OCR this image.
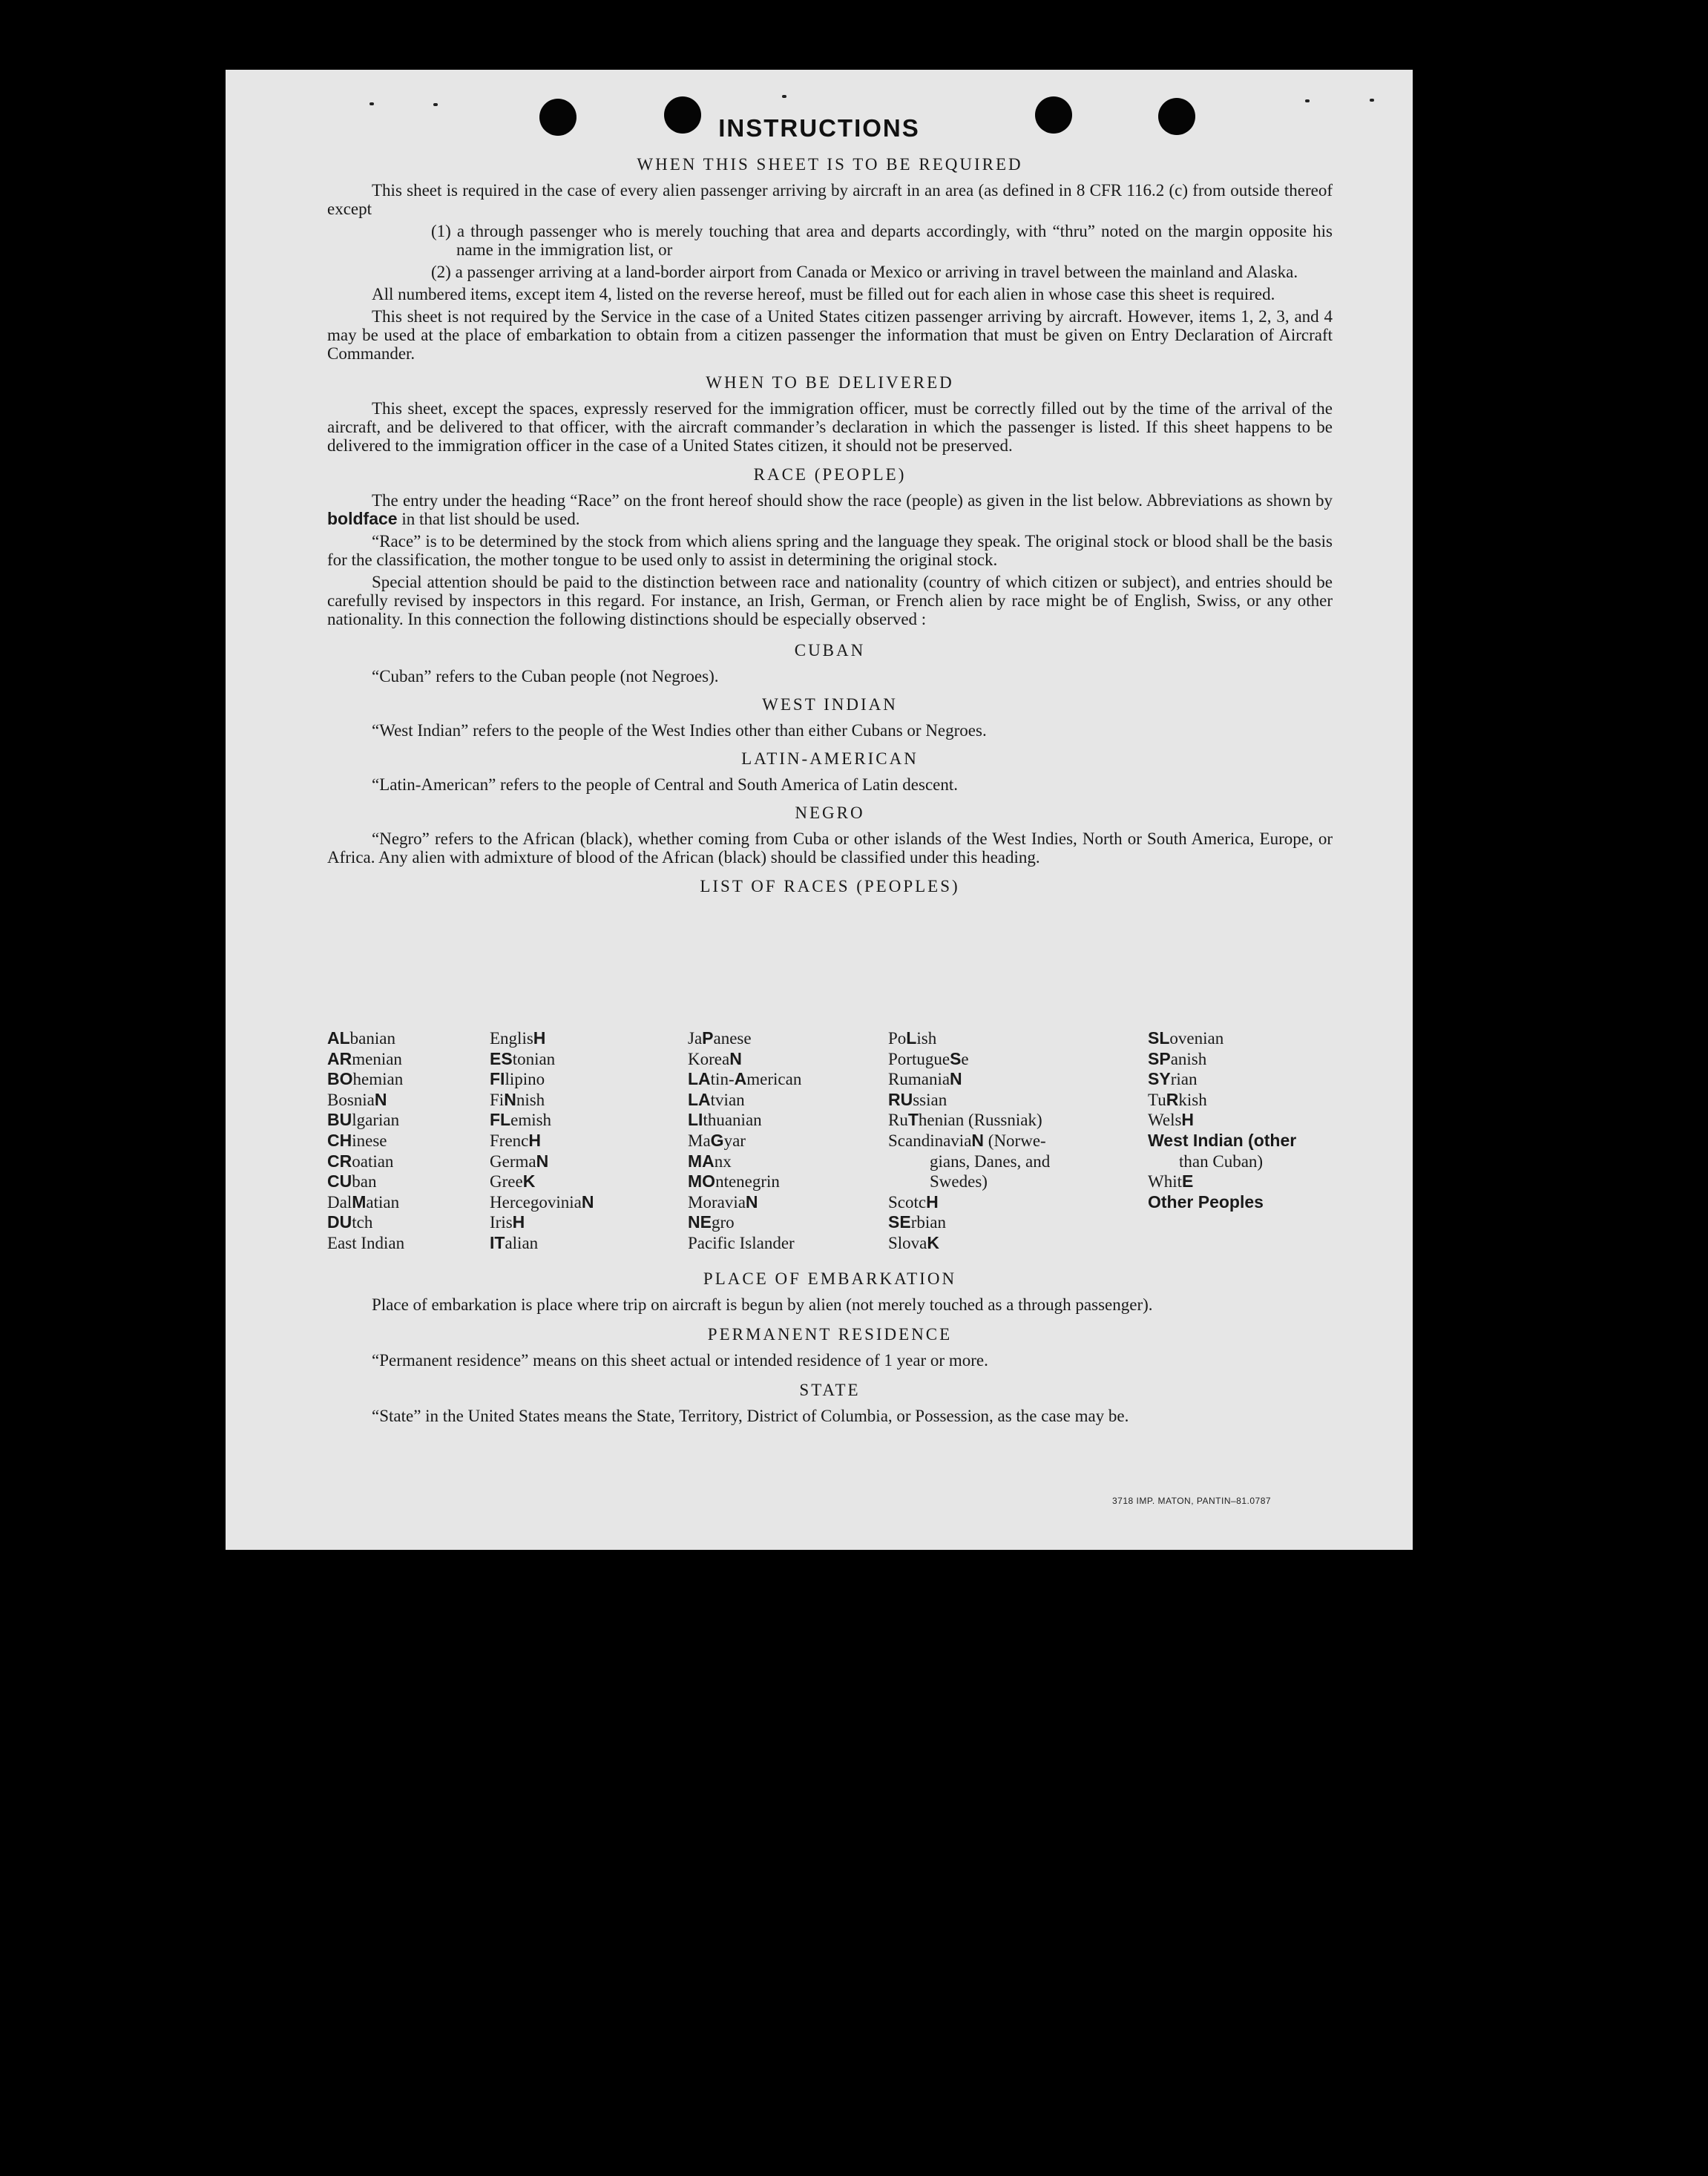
INSTRUCTIONS

WHEN THIS SHEET IS TO BE REQUIRED

This sheet is required in the case of every alien passenger arriving by aircraft in an area (as defined in 8 CFR 116.2 (c) from outside thereof except

(1) a through passenger who is merely touching that area and departs accordingly, with “thru” noted on the margin opposite his name in the immigration list, or

(2) a passenger arriving at a land-border airport from Canada or Mexico or arriving in travel between the mainland and Alaska.

All numbered items, except item 4, listed on the reverse hereof, must be filled out for each alien in whose case this sheet is required.

This sheet is not required by the Service in the case of a United States citizen passenger arriving by aircraft. However, items 1, 2, 3, and 4 may be used at the place of embarkation to obtain from a citizen passenger the information that must be given on Entry Declaration of Aircraft Commander.

WHEN TO BE DELIVERED

This sheet, except the spaces, expressly reserved for the immigration officer, must be correctly filled out by the time of the arrival of the aircraft, and be delivered to that officer, with the aircraft commander’s declaration in which the passenger is listed. If this sheet happens to be delivered to the immigration officer in the case of a United States citizen, it should not be preserved.

RACE (PEOPLE)

The entry under the heading “Race” on the front hereof should show the race (people) as given in the list below. Abbreviations as shown by boldface in that list should be used.

“Race” is to be determined by the stock from which aliens spring and the language they speak. The original stock or blood shall be the basis for the classification, the mother tongue to be used only to assist in determining the original stock.

Special attention should be paid to the distinction between race and nationality (country of which citizen or subject), and entries should be carefully revised by inspectors in this regard. For instance, an Irish, German, or French alien by race might be of English, Swiss, or any other nationality. In this connection the following distinctions should be especially observed :

CUBAN

“Cuban” refers to the Cuban people (not Negroes).

WEST INDIAN

“West Indian” refers to the people of the West Indies other than either Cubans or Negroes.

LATIN-AMERICAN

“Latin-American” refers to the people of Central and South America of Latin descent.

NEGRO

“Negro” refers to the African (black), whether coming from Cuba or other islands of the West Indies, North or South America, Europe, or Africa. Any alien with admixture of blood of the African (black) should be classified under this heading.

LIST OF RACES (PEOPLES)

ALbanian
ARmenian
BOhemian
BosniaN
BUlgarian
CHinese
CRoatian
CUban
DalMatian
DUtch
East Indian
EnglisH
EStonian
FIlipino
FiNnish
FLemish
FrencH
GermaN
GreeK
HercegoviniaN
IrisH
ITalian
JaPanese
KoreaN
LAtin-American
LAtvian
LIthuanian
MaGyar
MAnx
MOntenegrin
MoraviaN
NEgro
Pacific Islander
PoLish
PortugueSe
RumaniaN
RUssian
RuThenian (Russniak)
ScandinaviaN (Norwe-
gians, Danes, and
Swedes)
ScotcH
SErbian
SlovaK
SLovenian
SPanish
SYrian
TuRkish
WelsH
West Indian (other
than Cuban)
WhitE
Other Peoples

PLACE OF EMBARKATION

Place of embarkation is place where trip on aircraft is begun by alien (not merely touched as a through passenger).

PERMANENT RESIDENCE

“Permanent residence” means on this sheet actual or intended residence of 1 year or more.

STATE

“State” in the United States means the State, Territory, District of Columbia, or Possession, as the case may be.

3718 IMP. MATON, PANTIN–81.0787
